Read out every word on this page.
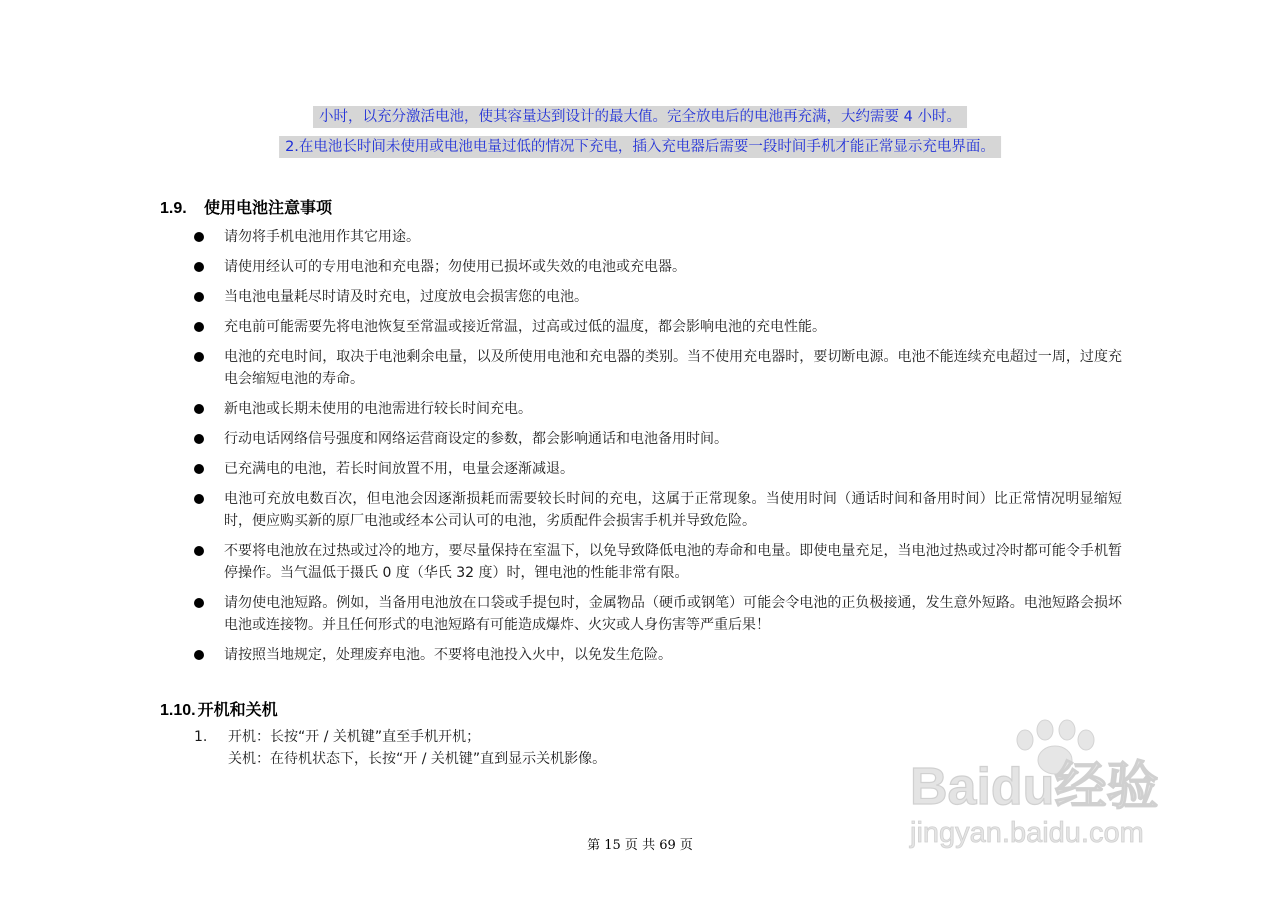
小时，以充分激活电池，使其容量达到设计的最大值。完全放电后的电池再充满，大约需要 4 小时。
2.在电池长时间未使用或电池电量过低的情况下充电，插入充电器后需要一段时间手机才能正常显示充电界面。
1.9. 使用电池注意事项
请勿将手机电池用作其它用途。
请使用经认可的专用电池和充电器；勿使用已损坏或失效的电池或充电器。
当电池电量耗尽时请及时充电，过度放电会损害您的电池。
充电前可能需要先将电池恢复至常温或接近常温，过高或过低的温度，都会影响电池的充电性能。
电池的充电时间，取决于电池剩余电量，以及所使用电池和充电器的类别。当不使用充电器时，要切断电源。电池不能连续充电超过一周，过度充电会缩短电池的寿命。
新电池或长期未使用的电池需进行较长时间充电。
行动电话网络信号强度和网络运营商设定的参数，都会影响通话和电池备用时间。
已充满电的电池，若长时间放置不用，电量会逐渐减退。
电池可充放电数百次，但电池会因逐渐损耗而需要较长时间的充电，这属于正常现象。当使用时间（通话时间和备用时间）比正常情况明显缩短时，便应购买新的原厂电池或经本公司认可的电池，劣质配件会损害手机并导致危险。
不要将电池放在过热或过冷的地方，要尽量保持在室温下，以免导致降低电池的寿命和电量。即使电量充足，当电池过热或过冷时都可能令手机暂停操作。当气温低于摄氏 0 度（华氏 32 度）时，锂电池的性能非常有限。
请勿使电池短路。例如，当备用电池放在口袋或手提包时，金属物品（硬币或钢笔）可能会令电池的正负极接通，发生意外短路。电池短路会损坏电池或连接物。并且任何形式的电池短路有可能造成爆炸、火灾或人身伤害等严重后果！
请按照当地规定，处理废弃电池。不要将电池投入火中，以免发生危险。
1.10. 开机和关机
1. 开机：长按“开 / 关机键”直至手机开机；
关机：在待机状态下，长按“开 / 关机键”直到显示关机影像。
第 15 页 共 69 页
Baidu经验
jingyan.baidu.com
